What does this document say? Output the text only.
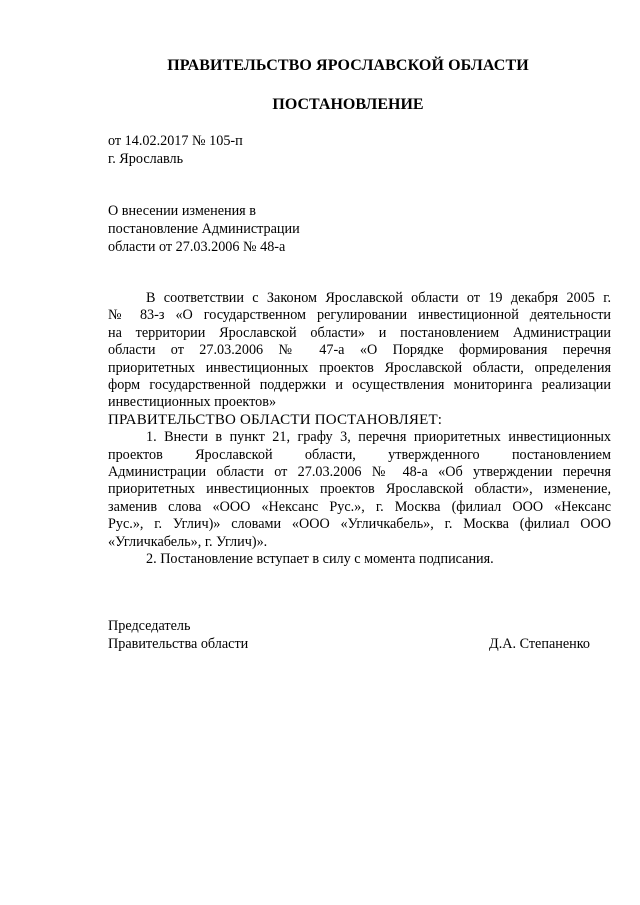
ПРАВИТЕЛЬСТВО ЯРОСЛАВСКОЙ ОБЛАСТИ
ПОСТАНОВЛЕНИЕ
от 14.02.2017 № 105-п
г. Ярославль
О внесении изменения в
постановление Администрации
области от 27.03.2006 № 48-а

В соответствии с Законом Ярославской области от 19 декабря 2005 г.
№ 83-з «О государственном регулировании инвестиционной деятельности
на территории Ярославской области» и постановлением Администрации
области от 27.03.2006 № 47-а «О Порядке формирования перечня
приоритетных инвестиционных проектов Ярославской области, определения
форм государственной поддержки и осуществления мониторинга реализации
инвестиционных проектов»

ПРАВИТЕЛЬСТВО ОБЛАСТИ ПОСТАНОВЛЯЕТ:

1. Внести в пункт 21, графу 3, перечня приоритетных инвестиционных
проектов Ярославской области, утвержденного постановлением
Администрации области от 27.03.2006 № 48-а «Об утверждении перечня
приоритетных инвестиционных проектов Ярославской области», изменение,
заменив слова «ООО «Нексанс Рус.», г. Москва (филиал ООО «Нексанс
Рус.», г. Углич)» словами «ООО «Угличкабель», г. Москва (филиал ООО
«Угличкабель», г. Углич)».

2. Постановление вступает в силу с момента подписания.

Председатель
Правительства области	Д.А. Степаненко
